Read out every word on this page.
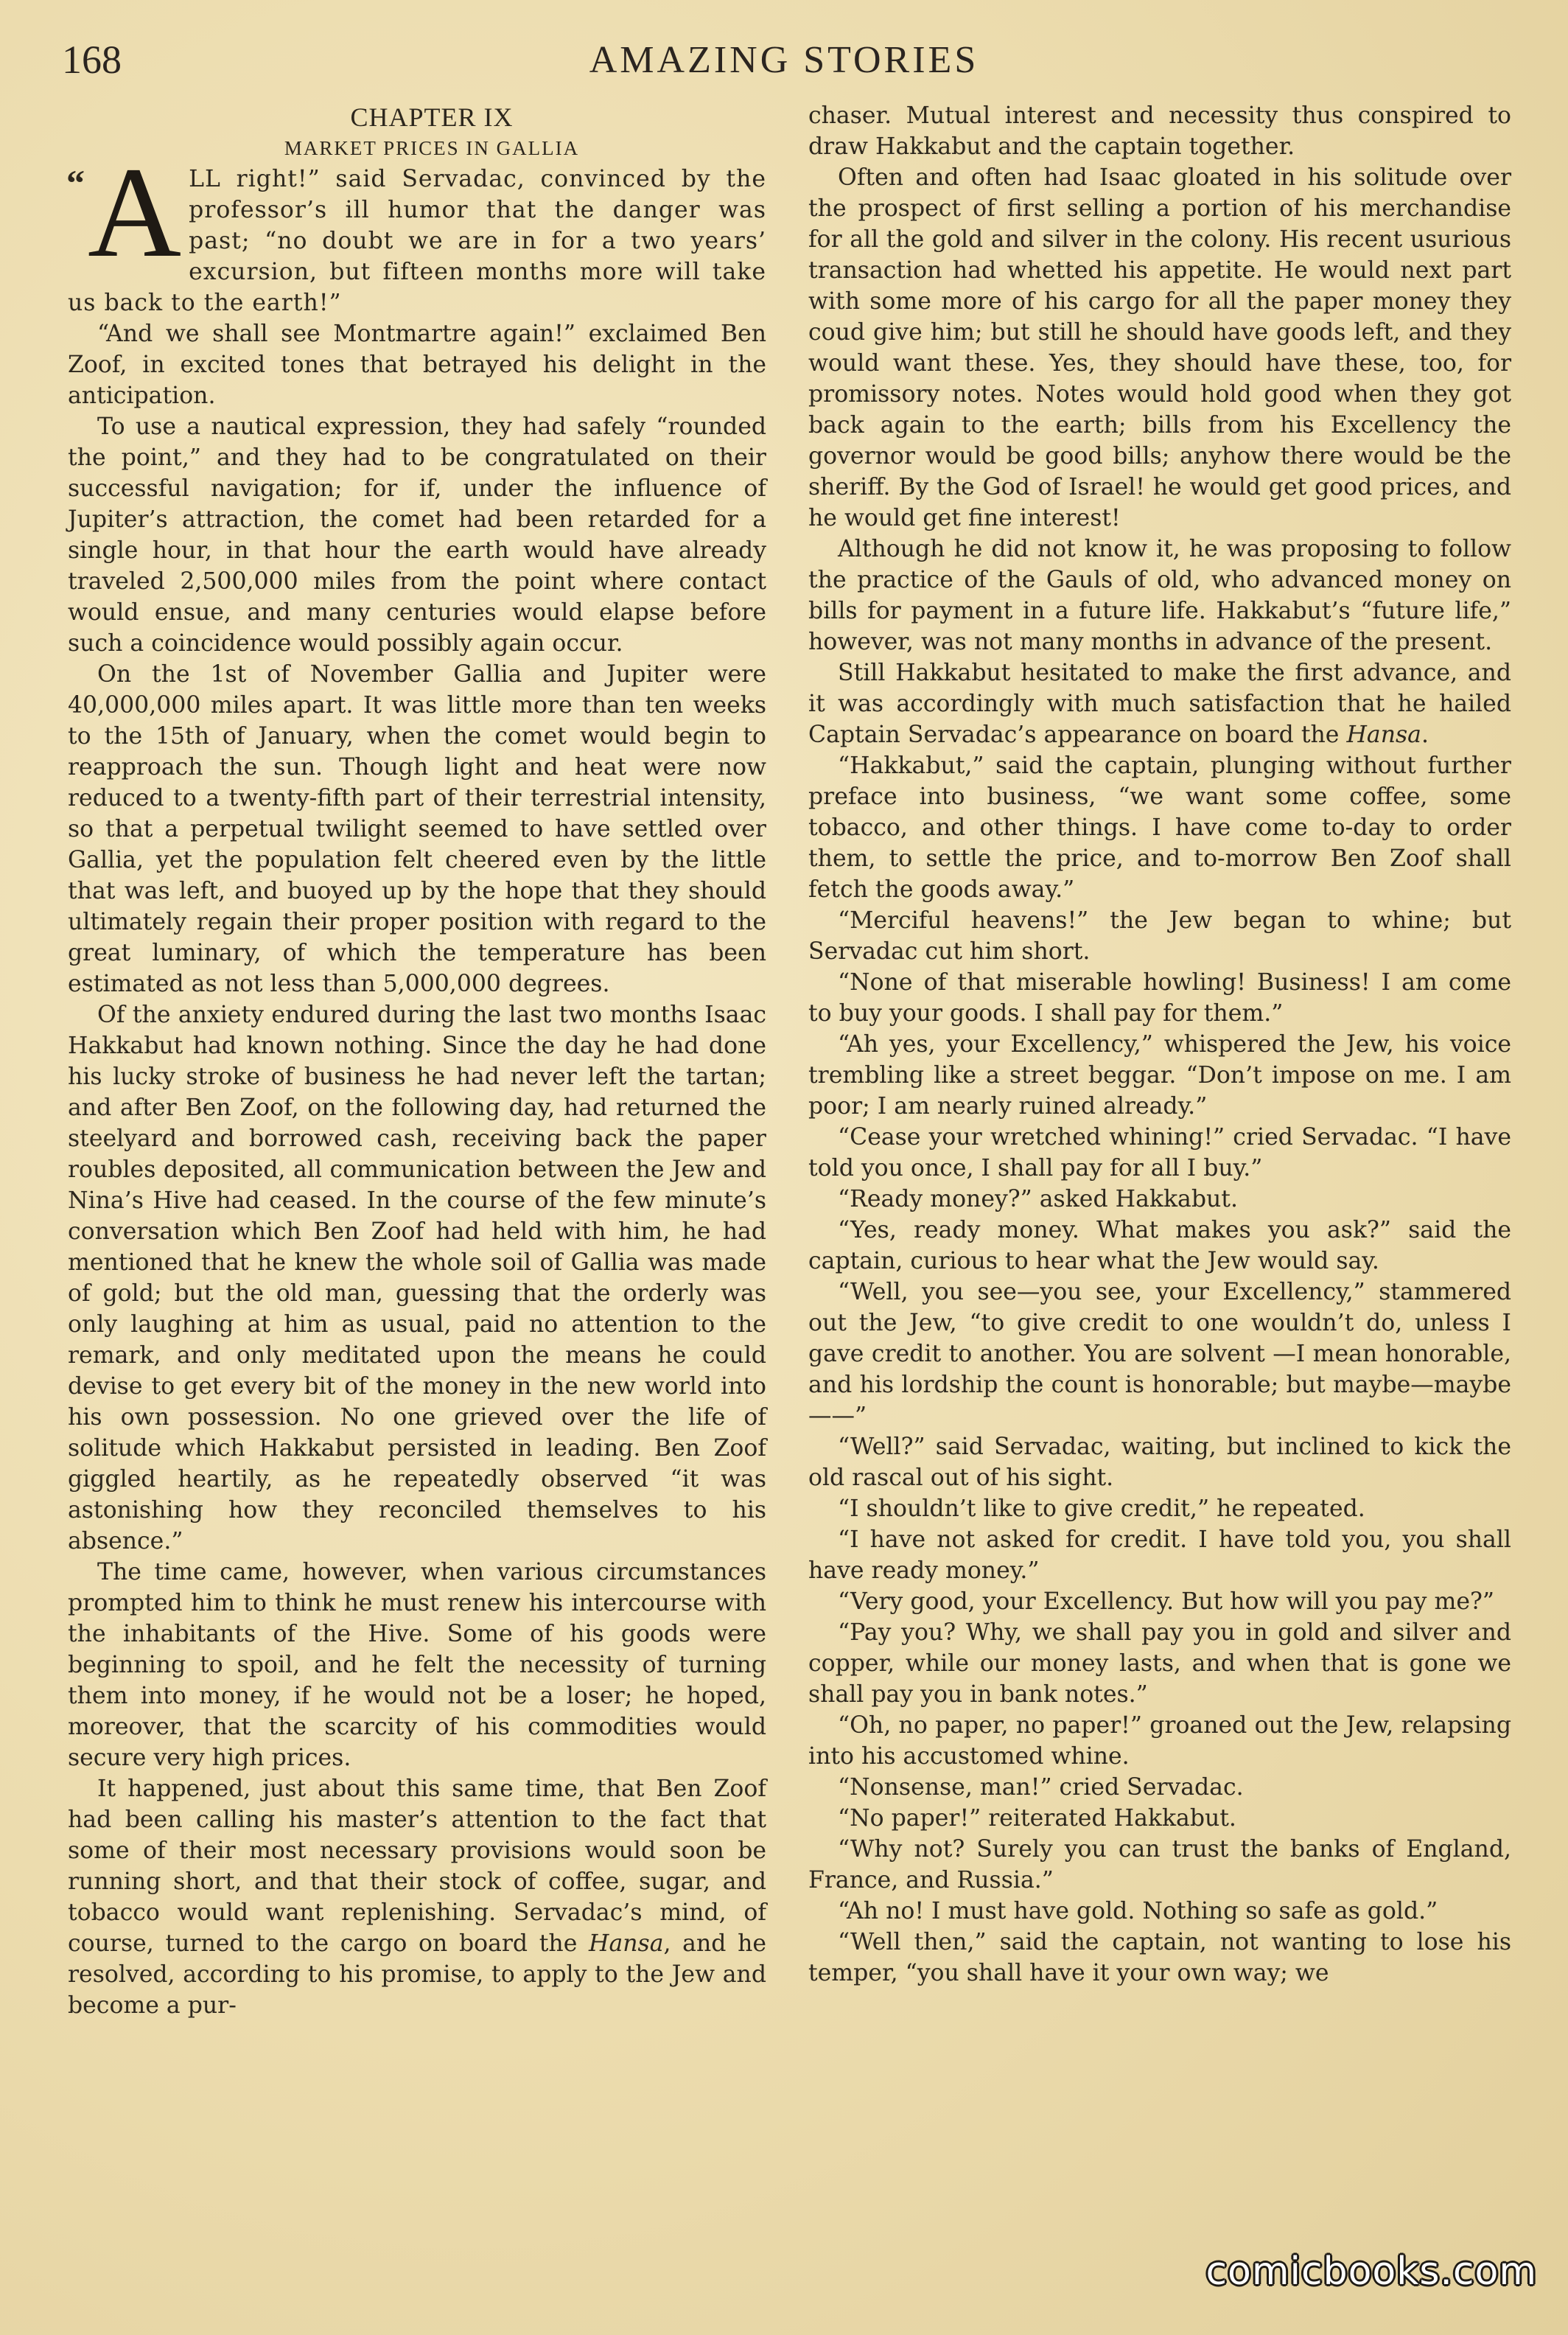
168	AMAZING STORIES

CHAPTER IX

MARKET PRICES IN GALLIA

“ A LL right!” said Servadac, convinced by the professor’s ill humor that the danger was past; “no doubt we are in for a two years’ excursion, but fifteen months more will take us back to the earth!”

“And we shall see Montmartre again!” exclaimed Ben Zoof, in excited tones that betrayed his delight in the anticipation.

To use a nautical expression, they had safely “rounded the point,” and they had to be congratulated on their successful navigation; for if, under the influence of Jupiter’s attraction, the comet had been retarded for a single hour, in that hour the earth would have already traveled 2,500,000 miles from the point where contact would ensue, and many centuries would elapse before such a coincidence would possibly again occur.

On the 1st of November Gallia and Jupiter were 40,000,000 miles apart. It was little more than ten weeks to the 15th of January, when the comet would begin to reapproach the sun. Though light and heat were now reduced to a twenty-fifth part of their terrestrial intensity, so that a perpetual twilight seemed to have settled over Gallia, yet the population felt cheered even by the little that was left, and buoyed up by the hope that they should ultimately regain their proper position with regard to the great luminary, of which the temperature has been estimated as not less than 5,000,000 degrees.

Of the anxiety endured during the last two months Isaac Hakkabut had known nothing. Since the day he had done his lucky stroke of business he had never left the tartan; and after Ben Zoof, on the following day, had returned the steelyard and borrowed cash, receiving back the paper roubles deposited, all communication between the Jew and Nina’s Hive had ceased. In the course of the few minute’s conversation which Ben Zoof had held with him, he had mentioned that he knew the whole soil of Gallia was made of gold; but the old man, guessing that the orderly was only laughing at him as usual, paid no attention to the remark, and only meditated upon the means he could devise to get every bit of the money in the new world into his own possession. No one grieved over the life of solitude which Hakkabut persisted in leading. Ben Zoof giggled heartily, as he repeatedly observed “it was astonishing how they reconciled themselves to his absence.”

The time came, however, when various circumstances prompted him to think he must renew his intercourse with the inhabitants of the Hive. Some of his goods were beginning to spoil, and he felt the necessity of turning them into money, if he would not be a loser; he hoped, moreover, that the scarcity of his commodities would secure very high prices.

It happened, just about this same time, that Ben Zoof had been calling his master’s attention to the fact that some of their most necessary provisions would soon be running short, and that their stock of coffee, sugar, and tobacco would want replenishing. Servadac’s mind, of course, turned to the cargo on board the Hansa, and he resolved, according to his promise, to apply to the Jew and become a pur-

chaser. Mutual interest and necessity thus conspired to draw Hakkabut and the captain together.

Often and often had Isaac gloated in his solitude over the prospect of first selling a portion of his merchandise for all the gold and silver in the colony. His recent usurious transaction had whetted his appetite. He would next part with some more of his cargo for all the paper money they coud give him; but still he should have goods left, and they would want these. Yes, they should have these, too, for promissory notes. Notes would hold good when they got back again to the earth; bills from his Excellency the governor would be good bills; anyhow there would be the sheriff. By the God of Israel! he would get good prices, and he would get fine interest!

Although he did not know it, he was proposing to follow the practice of the Gauls of old, who advanced money on bills for payment in a future life. Hakkabut’s “future life,” however, was not many months in advance of the present.

Still Hakkabut hesitated to make the first advance, and it was accordingly with much satisfaction that he hailed Captain Servadac’s appearance on board the Hansa.

“Hakkabut,” said the captain, plunging without further preface into business, “we want some coffee, some tobacco, and other things. I have come to-day to order them, to settle the price, and to-morrow Ben Zoof shall fetch the goods away.”

“Merciful heavens!” the Jew began to whine; but Servadac cut him short.

“None of that miserable howling! Business! I am come to buy your goods. I shall pay for them.”

“Ah yes, your Excellency,” whispered the Jew, his voice trembling like a street beggar. “Don’t impose on me. I am poor; I am nearly ruined already.”

“Cease your wretched whining!” cried Servadac. “I have told you once, I shall pay for all I buy.”

“Ready money?” asked Hakkabut.

“Yes, ready money. What makes you ask?” said the captain, curious to hear what the Jew would say.

“Well, you see—you see, your Excellency,” stammered out the Jew, “to give credit to one wouldn’t do, unless I gave credit to another. You are solvent —I mean honorable, and his lordship the count is honorable; but maybe—maybe——”

“Well?” said Servadac, waiting, but inclined to kick the old rascal out of his sight.

“I shouldn’t like to give credit,” he repeated.

“I have not asked for credit. I have told you, you shall have ready money.”

“Very good, your Excellency. But how will you pay me?”

“Pay you? Why, we shall pay you in gold and silver and copper, while our money lasts, and when that is gone we shall pay you in bank notes.”

“Oh, no paper, no paper!” groaned out the Jew, relapsing into his accustomed whine.

“Nonsense, man!” cried Servadac.

“No paper!” reiterated Hakkabut.

“Why not? Surely you can trust the banks of England, France, and Russia.”

“Ah no! I must have gold. Nothing so safe as gold.”

“Well then,” said the captain, not wanting to lose his temper, “you shall have it your own way; we

comicbooks.com
